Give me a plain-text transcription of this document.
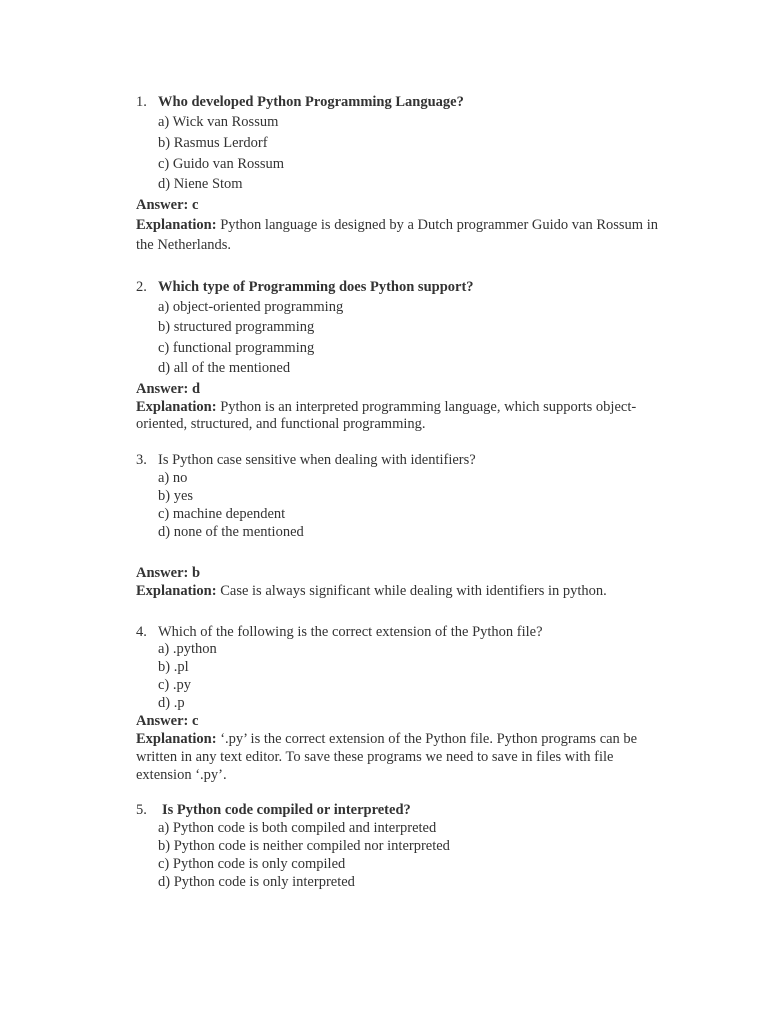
1. Who developed Python Programming Language?
a) Wick van Rossum
b) Rasmus Lerdorf
c) Guido van Rossum
d) Niene Stom
Answer: c
Explanation: Python language is designed by a Dutch programmer Guido van Rossum in
the Netherlands.
2. Which type of Programming does Python support?
a) object-oriented programming
b) structured programming
c) functional programming
d) all of the mentioned
Answer: d
Explanation: Python is an interpreted programming language, which supports object-
oriented, structured, and functional programming.
3. Is Python case sensitive when dealing with identifiers?
a) no
b) yes
c) machine dependent
d) none of the mentioned
Answer: b
Explanation: Case is always significant while dealing with identifiers in python.
4. Which of the following is the correct extension of the Python file?
a) .python
b) .pl
c) .py
d) .p
Answer: c
Explanation: ‘.py’ is the correct extension of the Python file. Python programs can be
written in any text editor. To save these programs we need to save in files with file
extension ‘.py’.
5. Is Python code compiled or interpreted?
a) Python code is both compiled and interpreted
b) Python code is neither compiled nor interpreted
c) Python code is only compiled
d) Python code is only interpreted
